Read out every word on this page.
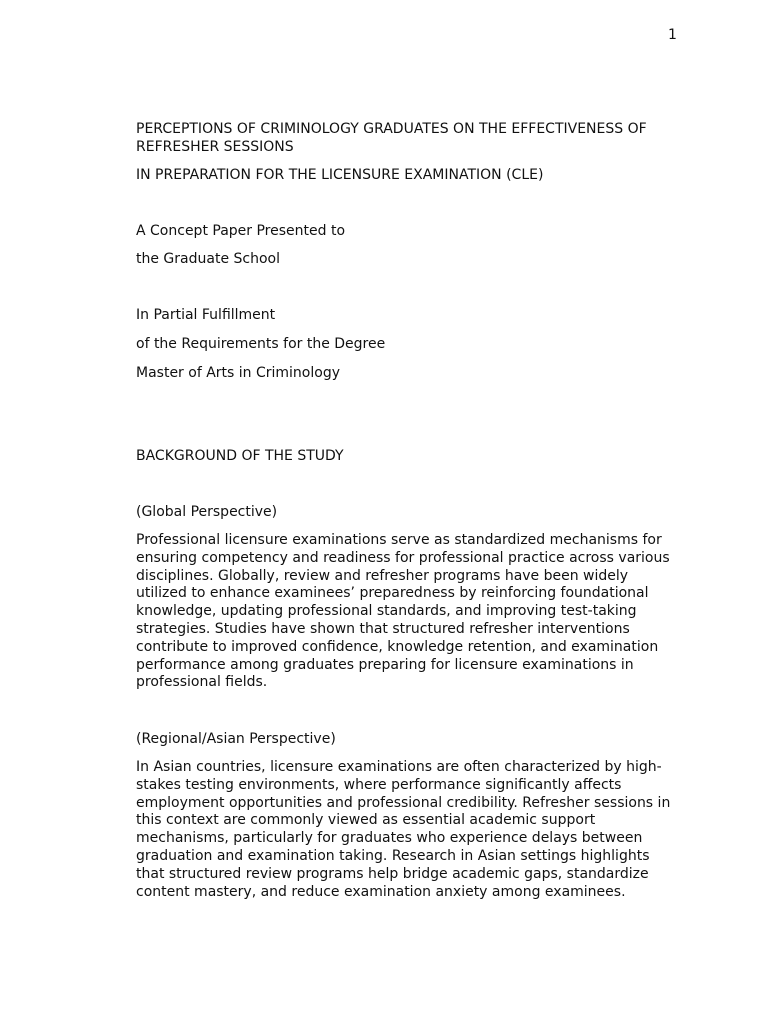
1

PERCEPTIONS OF CRIMINOLOGY GRADUATES ON THE EFFECTIVENESS OF REFRESHER SESSIONS

IN PREPARATION FOR THE LICENSURE EXAMINATION (CLE)

A Concept Paper Presented to

the Graduate School

In Partial Fulfillment

of the Requirements for the Degree

Master of Arts in Criminology

BACKGROUND OF THE STUDY

(Global Perspective)

Professional licensure examinations serve as standardized mechanisms for ensuring competency and readiness for professional practice across various disciplines. Globally, review and refresher programs have been widely utilized to enhance examinees’ preparedness by reinforcing foundational knowledge, updating professional standards, and improving test-taking strategies. Studies have shown that structured refresher interventions contribute to improved confidence, knowledge retention, and examination performance among graduates preparing for licensure examinations in professional fields.

(Regional/Asian Perspective)

In Asian countries, licensure examinations are often characterized by high-stakes testing environments, where performance significantly affects employment opportunities and professional credibility. Refresher sessions in this context are commonly viewed as essential academic support mechanisms, particularly for graduates who experience delays between graduation and examination taking. Research in Asian settings highlights that structured review programs help bridge academic gaps, standardize content mastery, and reduce examination anxiety among examinees.
